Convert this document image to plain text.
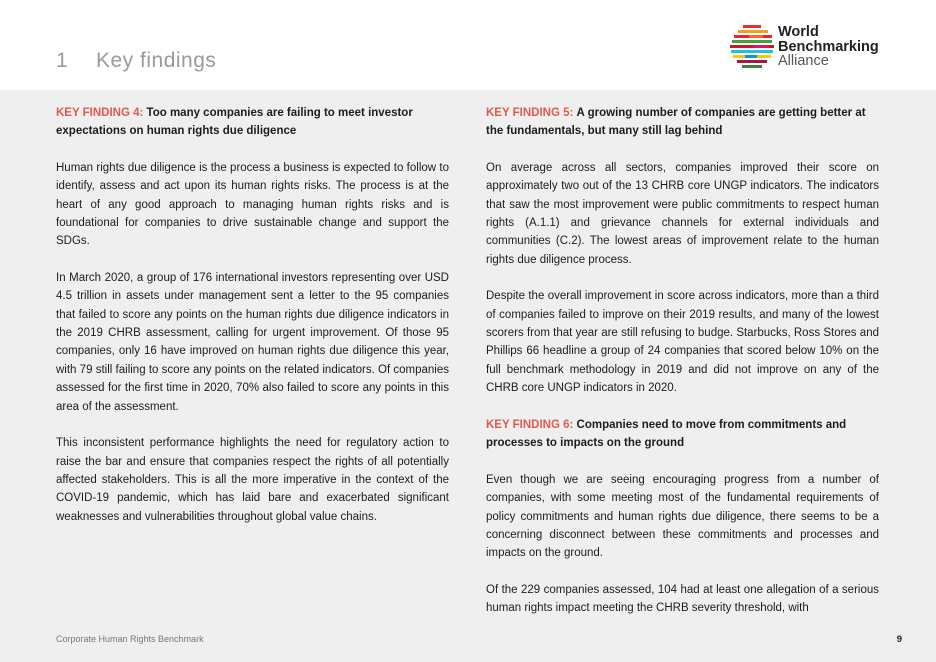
1 Key findings
World
Benchmarking
Alliance

KEY FINDING 4: Too many companies are failing to meet investor expectations on human rights due diligence

Human rights due diligence is the process a business is expected to follow to identify, assess and act upon its human rights risks. The process is at the heart of any good approach to managing human rights risks and is foundational for companies to drive sustainable change and support the SDGs.

In March 2020, a group of 176 international investors representing over USD 4.5 trillion in assets under management sent a letter to the 95 companies that failed to score any points on the human rights due diligence indicators in the 2019 CHRB assessment, calling for urgent improvement. Of those 95 companies, only 16 have improved on human rights due diligence this year, with 79 still failing to score any points on the related indicators. Of companies assessed for the first time in 2020, 70% also failed to score any points in this area of the assessment.

This inconsistent performance highlights the need for regulatory action to raise the bar and ensure that companies respect the rights of all potentially affected stakeholders. This is all the more imperative in the context of the COVID-19 pandemic, which has laid bare and exacerbated significant weaknesses and vulnerabilities throughout global value chains.

KEY FINDING 5: A growing number of companies are getting better at the fundamentals, but many still lag behind

On average across all sectors, companies improved their score on approximately two out of the 13 CHRB core UNGP indicators. The indicators that saw the most improvement were public commitments to respect human rights (A.1.1) and grievance channels for external individuals and communities (C.2). The lowest areas of improvement relate to the human rights due diligence process.

Despite the overall improvement in score across indicators, more than a third of companies failed to improve on their 2019 results, and many of the lowest scorers from that year are still refusing to budge. Starbucks, Ross Stores and Phillips 66 headline a group of 24 companies that scored below 10% on the full benchmark methodology in 2019 and did not improve on any of the CHRB core UNGP indicators in 2020.

KEY FINDING 6: Companies need to move from commitments and processes to impacts on the ground

Even though we are seeing encouraging progress from a number of companies, with some meeting most of the fundamental requirements of policy commitments and human rights due diligence, there seems to be a concerning disconnect between these commitments and processes and impacts on the ground.

Of the 229 companies assessed, 104 had at least one allegation of a serious human rights impact meeting the CHRB severity threshold, with

Corporate Human Rights Benchmark	9
